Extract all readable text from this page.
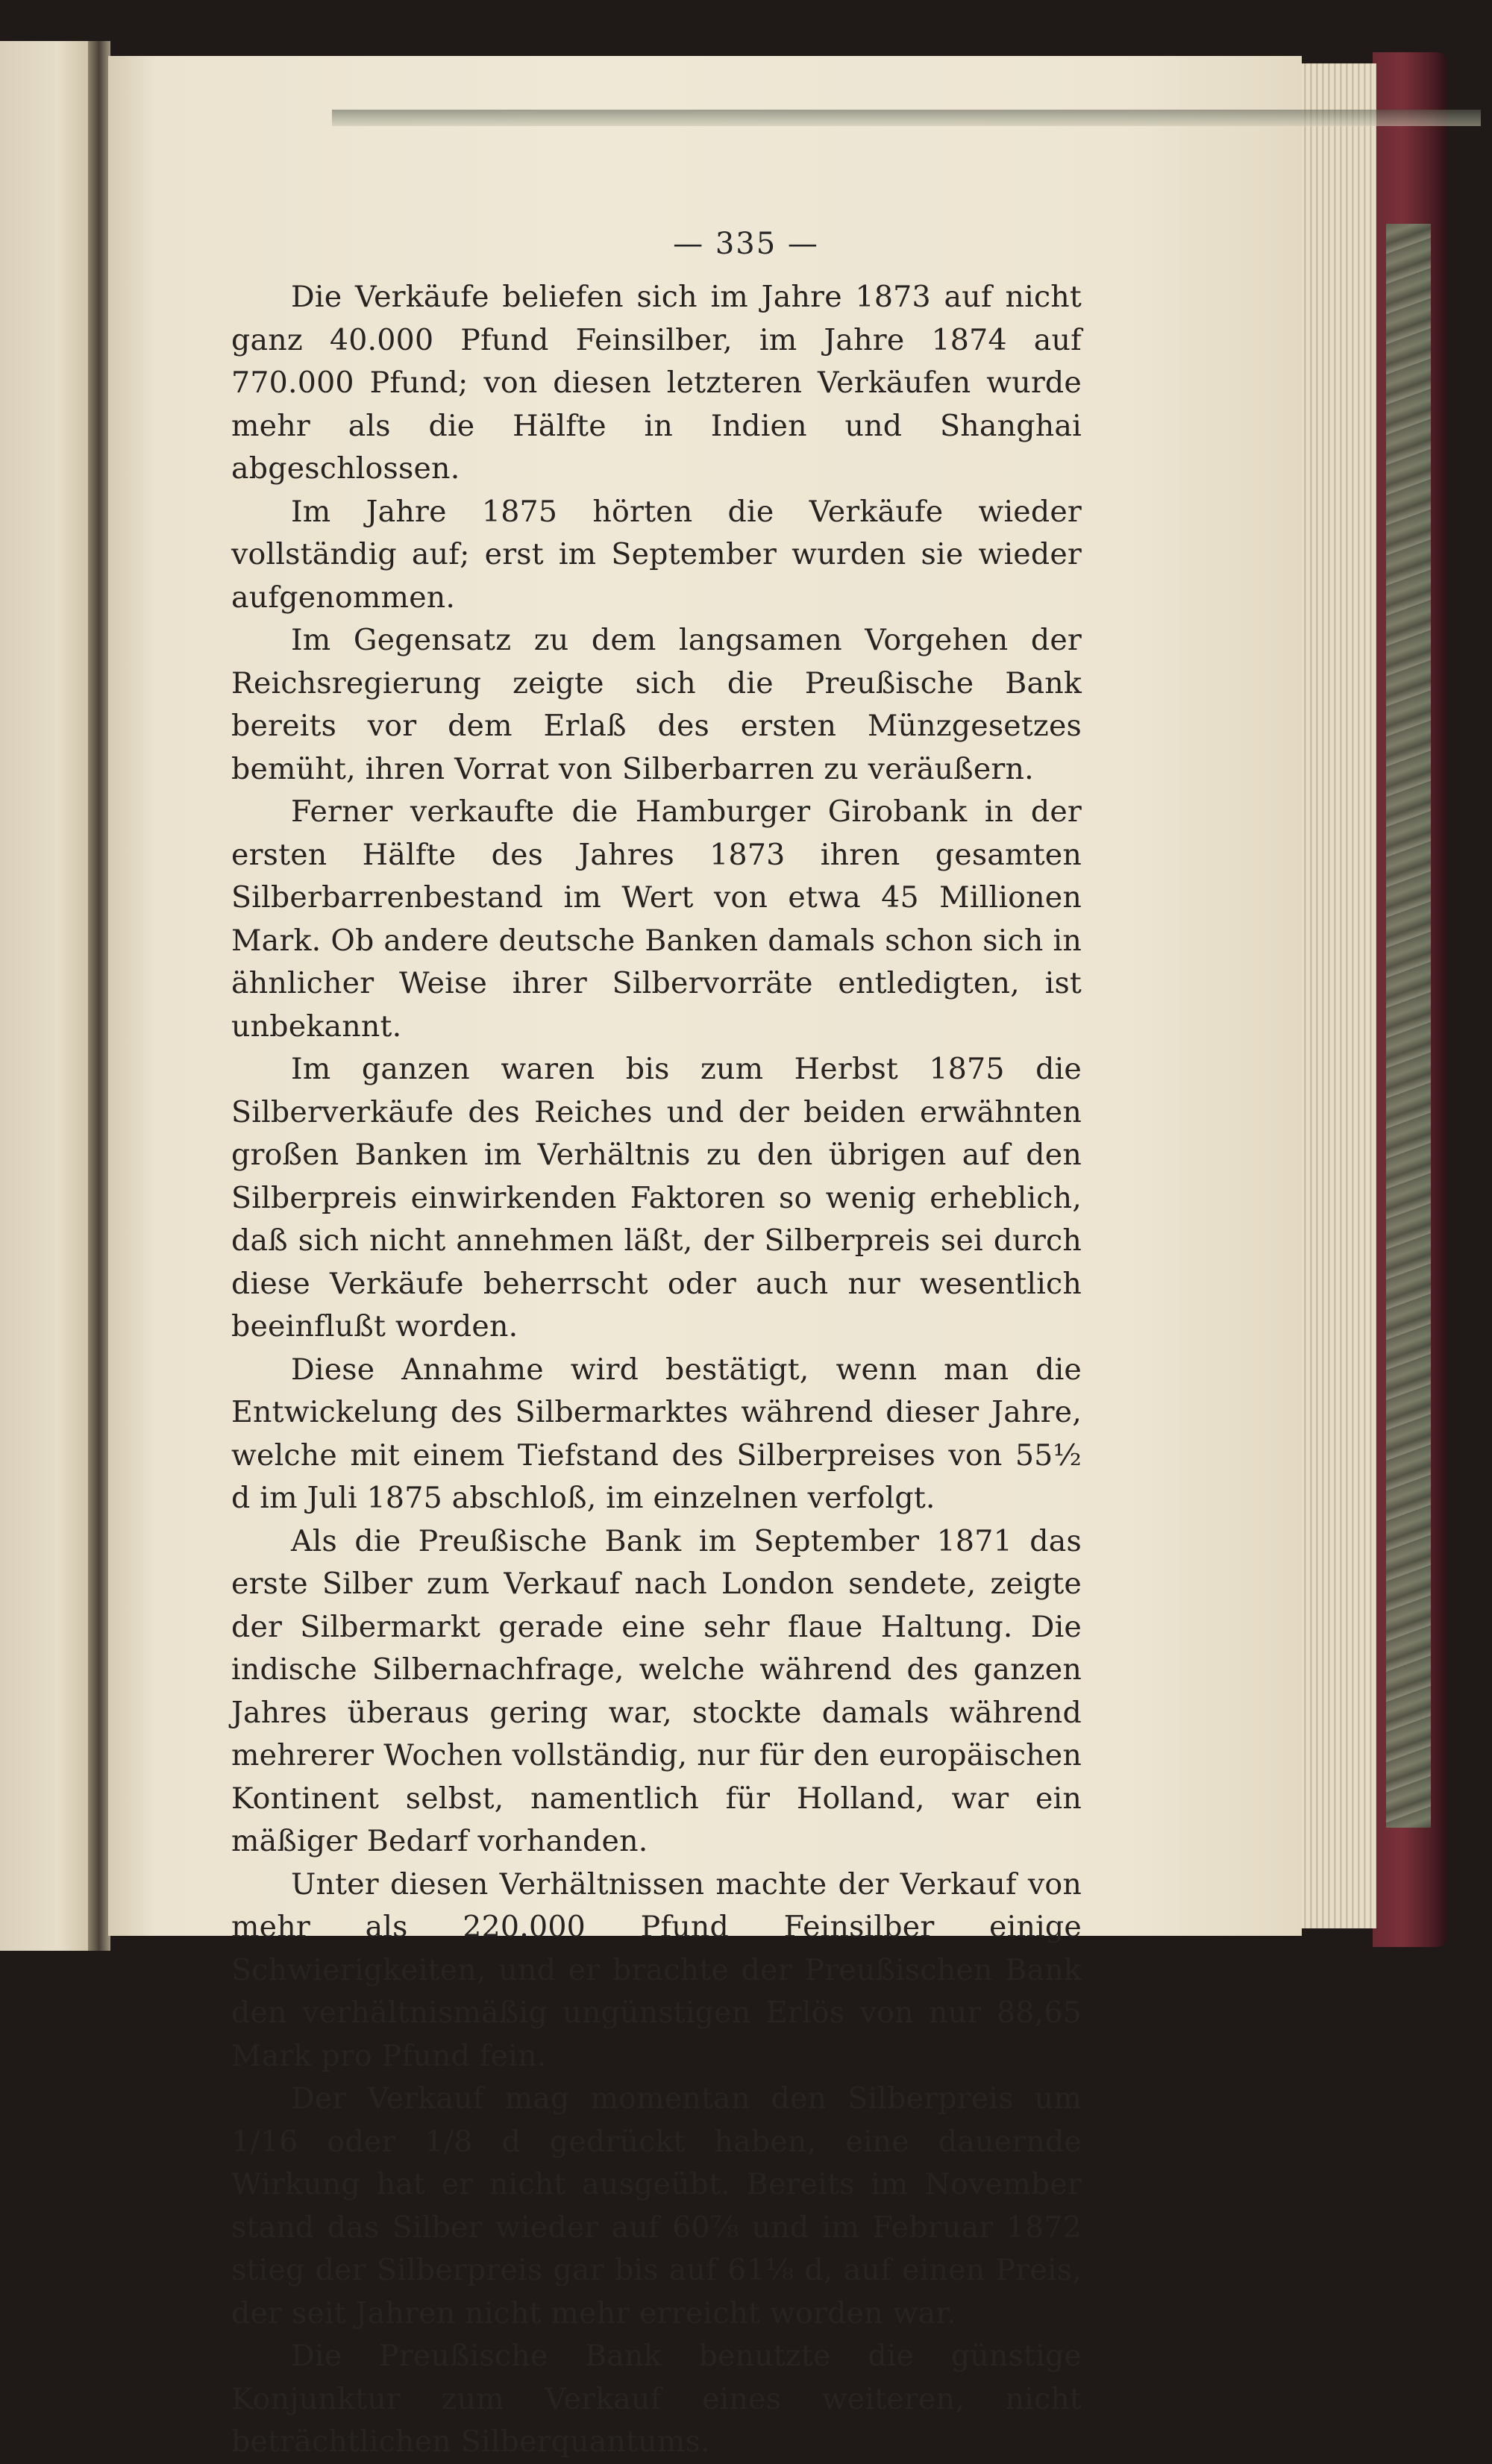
— 335 —

Die Verkäufe beliefen sich im Jahre 1873 auf nicht ganz 40.000 Pfund Feinsilber, im Jahre 1874 auf 770.000 Pfund; von diesen letzteren Verkäufen wurde mehr als die Hälfte in Indien und Shanghai abgeschlossen.

Im Jahre 1875 hörten die Verkäufe wieder vollständig auf; erst im September wurden sie wieder aufgenommen.

Im Gegensatz zu dem langsamen Vorgehen der Reichsregierung zeigte sich die Preußische Bank bereits vor dem Erlaß des ersten Münzgesetzes bemüht, ihren Vorrat von Silberbarren zu veräußern.

Ferner verkaufte die Hamburger Girobank in der ersten Hälfte des Jahres 1873 ihren gesamten Silberbarrenbestand im Wert von etwa 45 Millionen Mark. Ob andere deutsche Banken damals schon sich in ähnlicher Weise ihrer Silbervorräte entledigten, ist unbekannt.

Im ganzen waren bis zum Herbst 1875 die Silberverkäufe des Reiches und der beiden erwähnten großen Banken im Verhältnis zu den übrigen auf den Silberpreis einwirkenden Faktoren so wenig erheblich, daß sich nicht annehmen läßt, der Silberpreis sei durch diese Verkäufe beherrscht oder auch nur wesentlich beeinflußt worden.

Diese Annahme wird bestätigt, wenn man die Entwickelung des Silbermarktes während dieser Jahre, welche mit einem Tiefstand des Silberpreises von 55½ d im Juli 1875 abschloß, im einzelnen verfolgt.

Als die Preußische Bank im September 1871 das erste Silber zum Verkauf nach London sendete, zeigte der Silbermarkt gerade eine sehr flaue Haltung. Die indische Silbernachfrage, welche während des ganzen Jahres überaus gering war, stockte damals während mehrerer Wochen vollständig, nur für den europäischen Kontinent selbst, namentlich für Holland, war ein mäßiger Bedarf vorhanden.

Unter diesen Verhältnissen machte der Verkauf von mehr als 220.000 Pfund Feinsilber einige Schwierigkeiten, und er brachte der Preußischen Bank den verhältnismäßig ungünstigen Erlös von nur 88,65 Mark pro Pfund fein.

Der Verkauf mag momentan den Silberpreis um 1/16 oder 1/8 d gedrückt haben, eine dauernde Wirkung hat er nicht ausgeübt. Bereits im November stand das Silber wieder auf 60⅞ und im Februar 1872 stieg der Silberpreis gar bis auf 61⅛ d, auf einen Preis, der seit Jahren nicht mehr erreicht worden war.

Die Preußische Bank benutzte die günstige Konjunktur zum Verkauf eines weiteren, nicht beträchtlichen Silberquantums.
